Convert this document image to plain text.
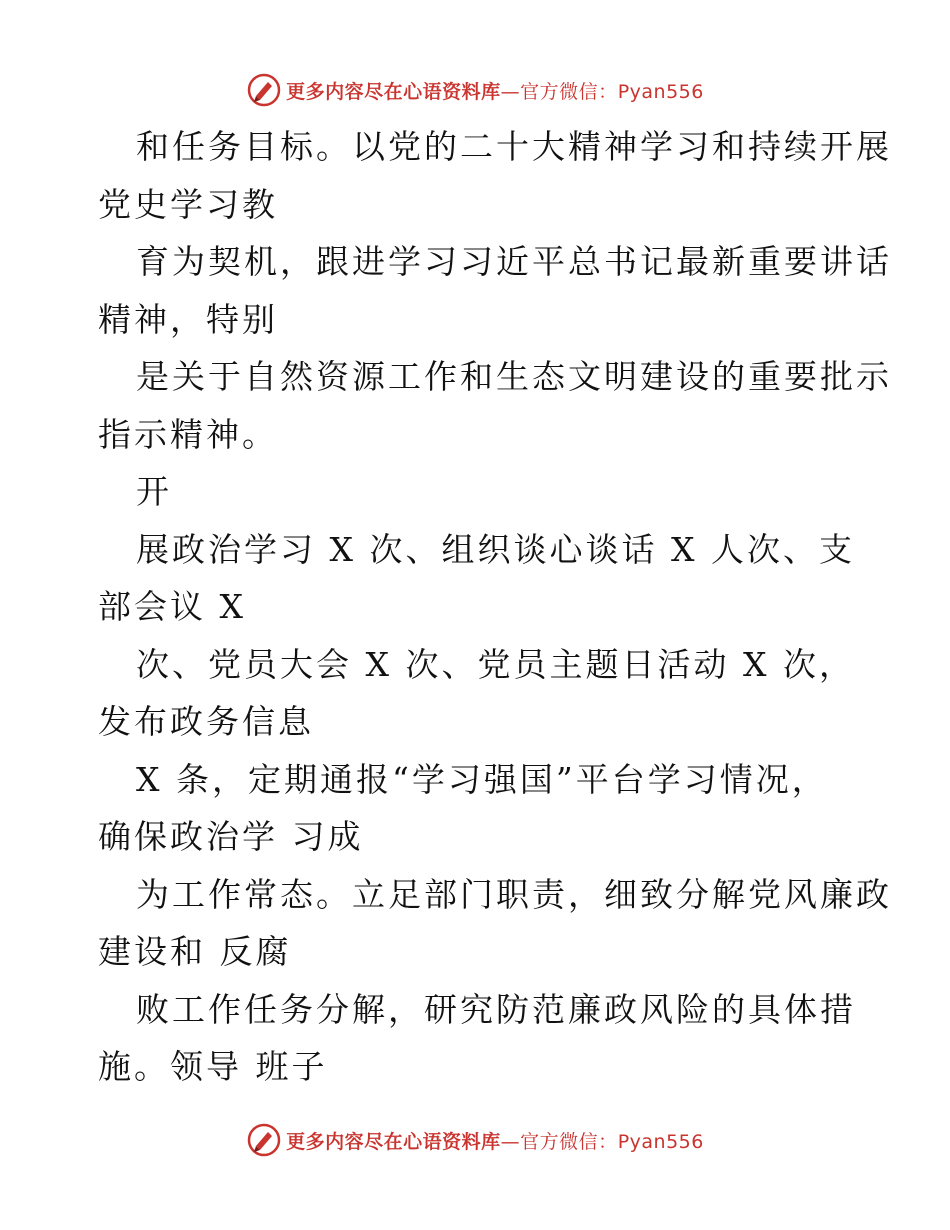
更多内容尽在心语资料库—官方微信：Pyan556
和任务目标。以党的二十大精神学习和持续开展
党史学习教
育为契机，跟进学习习近平总书记最新重要讲话
精神，特别
是关于自然资源工作和生态文明建设的重要批示
指示精神。
开
展政治学习 X 次、组织谈心谈话 X 人次、支
部会议 X
次、党员大会 X 次、党员主题日活动 X 次，
发布政务信息
X 条，定期通报“学习强国”平台学习情况，
确保政治学 习成
为工作常态。立足部门职责，细致分解党风廉政
建设和 反腐
败工作任务分解，研究防范廉政风险的具体措
施。领导 班子
更多内容尽在心语资料库—官方微信：Pyan556
